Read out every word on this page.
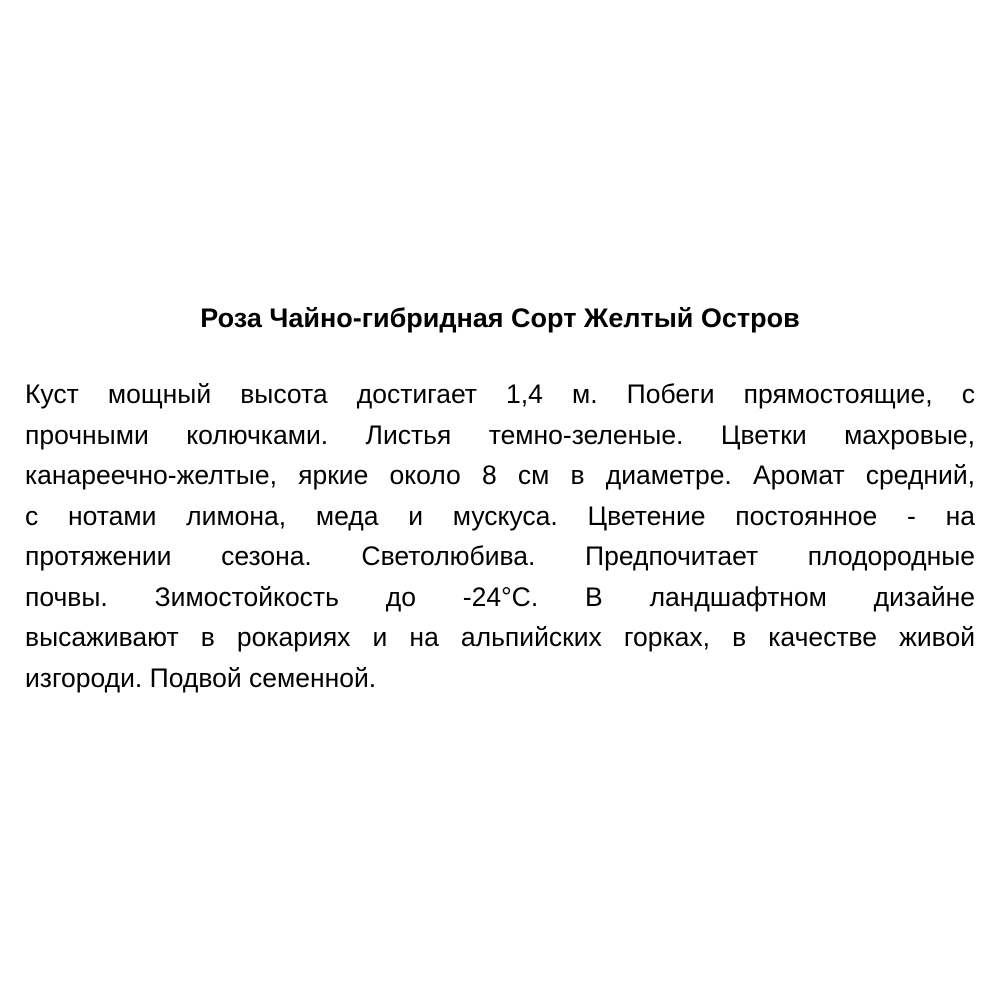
Роза Чайно-гибридная Сорт Желтый Остров

Куст мощный высота достигает 1,4 м. Побеги прямостоящие, с
прочными колючками. Листья темно-зеленые. Цветки махровые,
канареечно-желтые, яркие около 8 см в диаметре. Аромат средний,
с нотами лимона, меда и мускуса. Цветение постоянное - на
протяжении сезона. Светолюбива. Предпочитает плодородные
почвы. Зимостойкость до -24°C. В ландшафтном дизайне
высаживают в рокариях и на альпийских горках, в качестве живой
изгороди. Подвой семенной.
